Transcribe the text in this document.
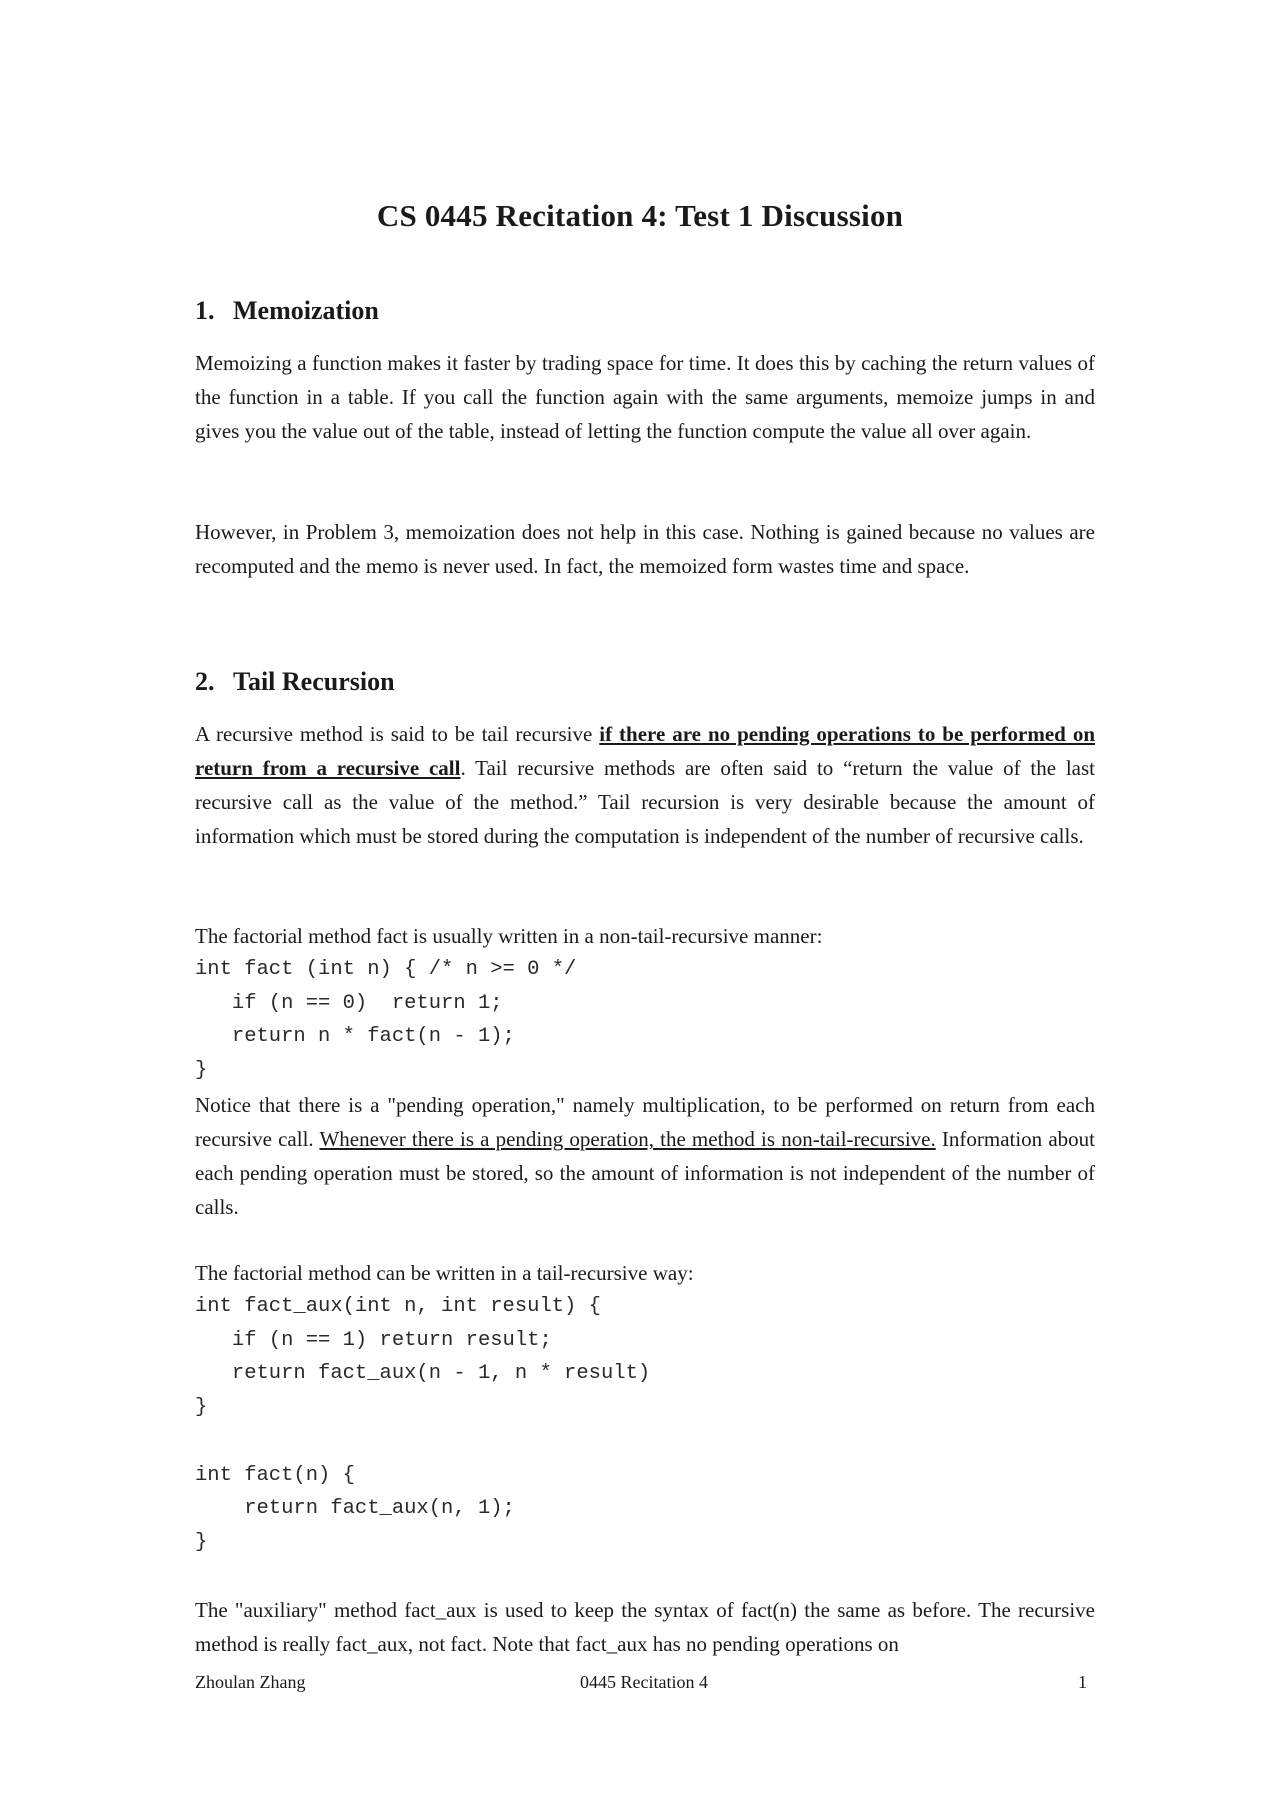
CS 0445 Recitation 4: Test 1 Discussion
1. Memoization

Memoizing a function makes it faster by trading space for time. It does this by caching the return values of the function in a table. If you call the function again with the same arguments, memoize jumps in and gives you the value out of the table, instead of letting the function compute the value all over again.

However, in Problem 3, memoization does not help in this case. Nothing is gained because no values are recomputed and the memo is never used. In fact, the memoized form wastes time and space.

2. Tail Recursion

A recursive method is said to be tail recursive if there are no pending operations to be performed on return from a recursive call. Tail recursive methods are often said to “return the value of the last recursive call as the value of the method.” Tail recursion is very desirable because the amount of information which must be stored during the computation is independent of the number of recursive calls.

The factorial method fact is usually written in a non-tail-recursive manner:
int fact (int n) { /* n >= 0 */
if (n == 0)  return 1;
return n * fact(n - 1);
}

Notice that there is a "pending operation," namely multiplication, to be performed on return from each recursive call. Whenever there is a pending operation, the method is non-tail-recursive. Information about each pending operation must be stored, so the amount of information is not independent of the number of calls.

The factorial method can be written in a tail-recursive way:
int fact_aux(int n, int result) {
if (n == 1) return result;
return fact_aux(n - 1, n * result)
}

int fact(n) {
return fact_aux(n, 1);
}

The "auxiliary" method fact_aux is used to keep the syntax of fact(n) the same as before. The recursive method is really fact_aux, not fact. Note that fact_aux has no pending operations on

Zhoulan Zhang	0445 Recitation 4	1
